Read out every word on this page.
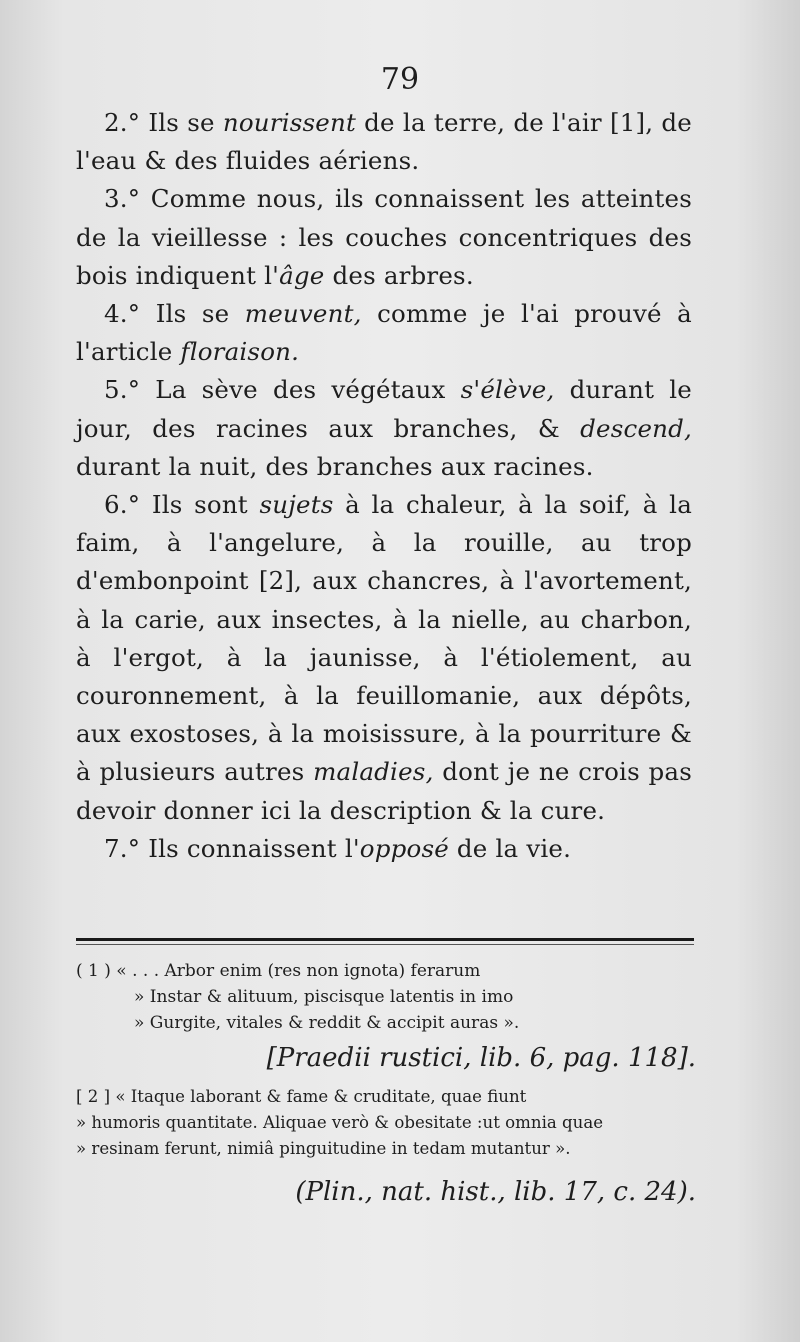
79

2.° Ils se nourissent de la terre, de l'air [1], de l'eau & des fluides aériens.

3.° Comme nous, ils connaissent les atteintes de la vieillesse : les couches concentriques des bois indiquent l'âge des arbres.

4.° Ils se meuvent, comme je l'ai prouvé à l'article floraison.

5.° La sève des végétaux s'élève, durant le jour, des racines aux branches, & descend, durant la nuit, des branches aux racines.

6.° Ils sont sujets à la chaleur, à la soif, à la faim, à l'angelure, à la rouille, au trop d'embonpoint [2], aux chancres, à l'avortement, à la carie, aux insectes, à la nielle, au charbon, à l'ergot, à la jaunisse, à l'étiolement, au couronnement, à la feuillomanie, aux dépôts, aux exostoses, à la moisissure, à la pourriture & à plusieurs autres maladies, dont je ne crois pas devoir donner ici la description & la cure.

7.° Ils connaissent l'opposé de la vie.

( 1 ) « . . . Arbor enim (res non ignota) ferarum

» Instar & alituum, piscisque latentis in imo

» Gurgite, vitales & reddit & accipit auras ».

[Praedii rustici, lib. 6, pag. 118].

[ 2 ] « Itaque laborant & fame & cruditate, quae fiunt

» humoris quantitate. Aliquae verò & obesitate :ut omnia quae

» resinam ferunt, nimiâ pinguitudine in tedam mutantur ».

(Plin., nat. hist., lib. 17, c. 24).
